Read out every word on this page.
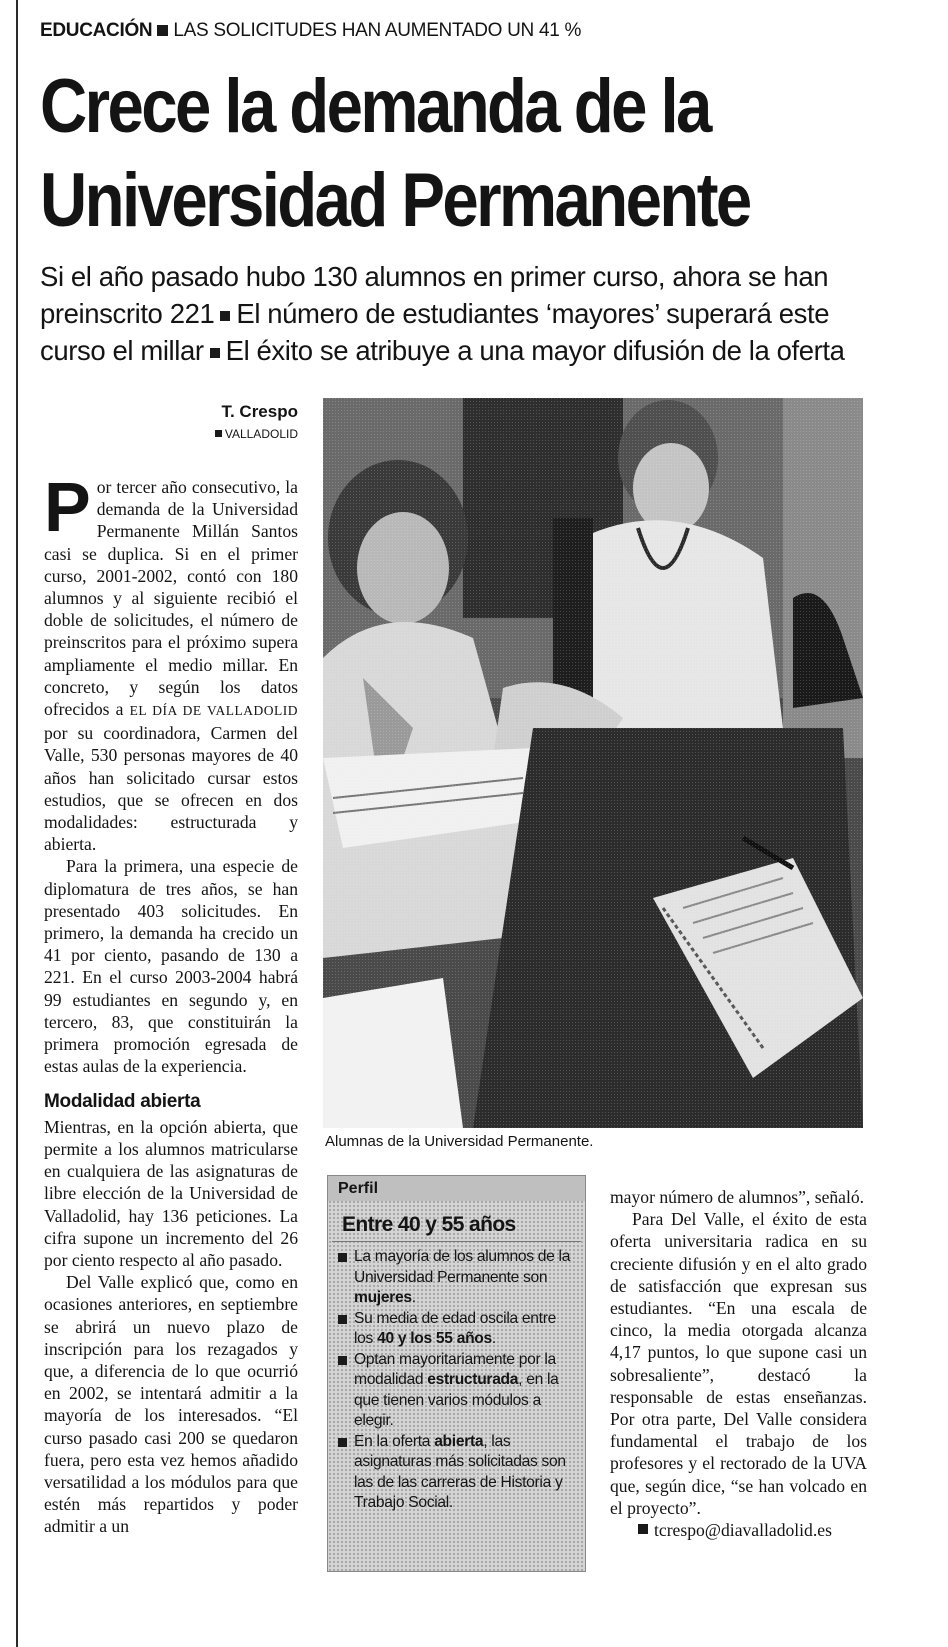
EDUCACIÓN LAS SOLICITUDES HAN AUMENTADO UN 41 %
Crece la demanda de la
Universidad Permanente
Si el año pasado hubo 130 alumnos en primer curso, ahora se han
preinscrito 221 El número de estudiantes ‘mayores’ superará este
curso el millar El éxito se atribuye a una mayor difusión de la oferta
T. Crespo
VALLADOLID

Por tercer año consecutivo, la demanda de la Universidad Permanente Millán Santos casi se duplica. Si en el primer curso, 2001-2002, contó con 180 alumnos y al siguiente recibió el doble de solicitudes, el número de preinscritos para el próximo supera ampliamente el medio millar. En concreto, y según los datos ofrecidos a EL DÍA DE VALLADOLID por su coordinadora, Carmen del Valle, 530 personas mayores de 40 años han solicitado cursar estos estudios, que se ofrecen en dos modalidades: estructurada y abierta.

Para la primera, una especie de diplomatura de tres años, se han presentado 403 solicitudes. En primero, la demanda ha crecido un 41 por ciento, pasando de 130 a 221. En el curso 2003-2004 habrá 99 estudiantes en segundo y, en tercero, 83, que constituirán la primera promoción egresada de estas aulas de la experiencia.

Modalidad abierta

Mientras, en la opción abierta, que permite a los alumnos matricularse en cualquiera de las asignaturas de libre elección de la Universidad de Valladolid, hay 136 peticiones. La cifra supone un incremento del 26 por ciento respecto al año pasado.

Del Valle explicó que, como en ocasiones anteriores, en septiembre se abrirá un nuevo plazo de inscripción para los rezagados y que, a diferencia de lo que ocurrió en 2002, se intentará admitir a la mayoría de los interesados. “El curso pasado casi 200 se quedaron fuera, pero esta vez hemos añadido versatilidad a los módulos para que estén más repartidos y poder admitir a un

Alumnas de la Universidad Permanente.
Perfil
Entre 40 y 55 años
La mayoría de los alumnos de la Universidad Permanente son mujeres.
Su media de edad oscila entre los 40 y los 55 años.
Optan mayoritariamente por la modalidad estructurada, en la que tienen varios módulos a elegir.
En la oferta abierta, las asignaturas más solicitadas son las de las carreras de Historia y Trabajo Social.

mayor número de alumnos”, señaló.

Para Del Valle, el éxito de esta oferta universitaria radica en su creciente difusión y en el alto grado de satisfacción que expresan sus estudiantes. “En una escala de cinco, la media otorgada alcanza 4,17 puntos, lo que supone casi un sobresaliente”, destacó la responsable de estas enseñanzas. Por otra parte, Del Valle considera fundamental el trabajo de los profesores y el rectorado de la UVA que, según dice, “se han volcado en el proyecto”.

tcrespo@diavalladolid.es
